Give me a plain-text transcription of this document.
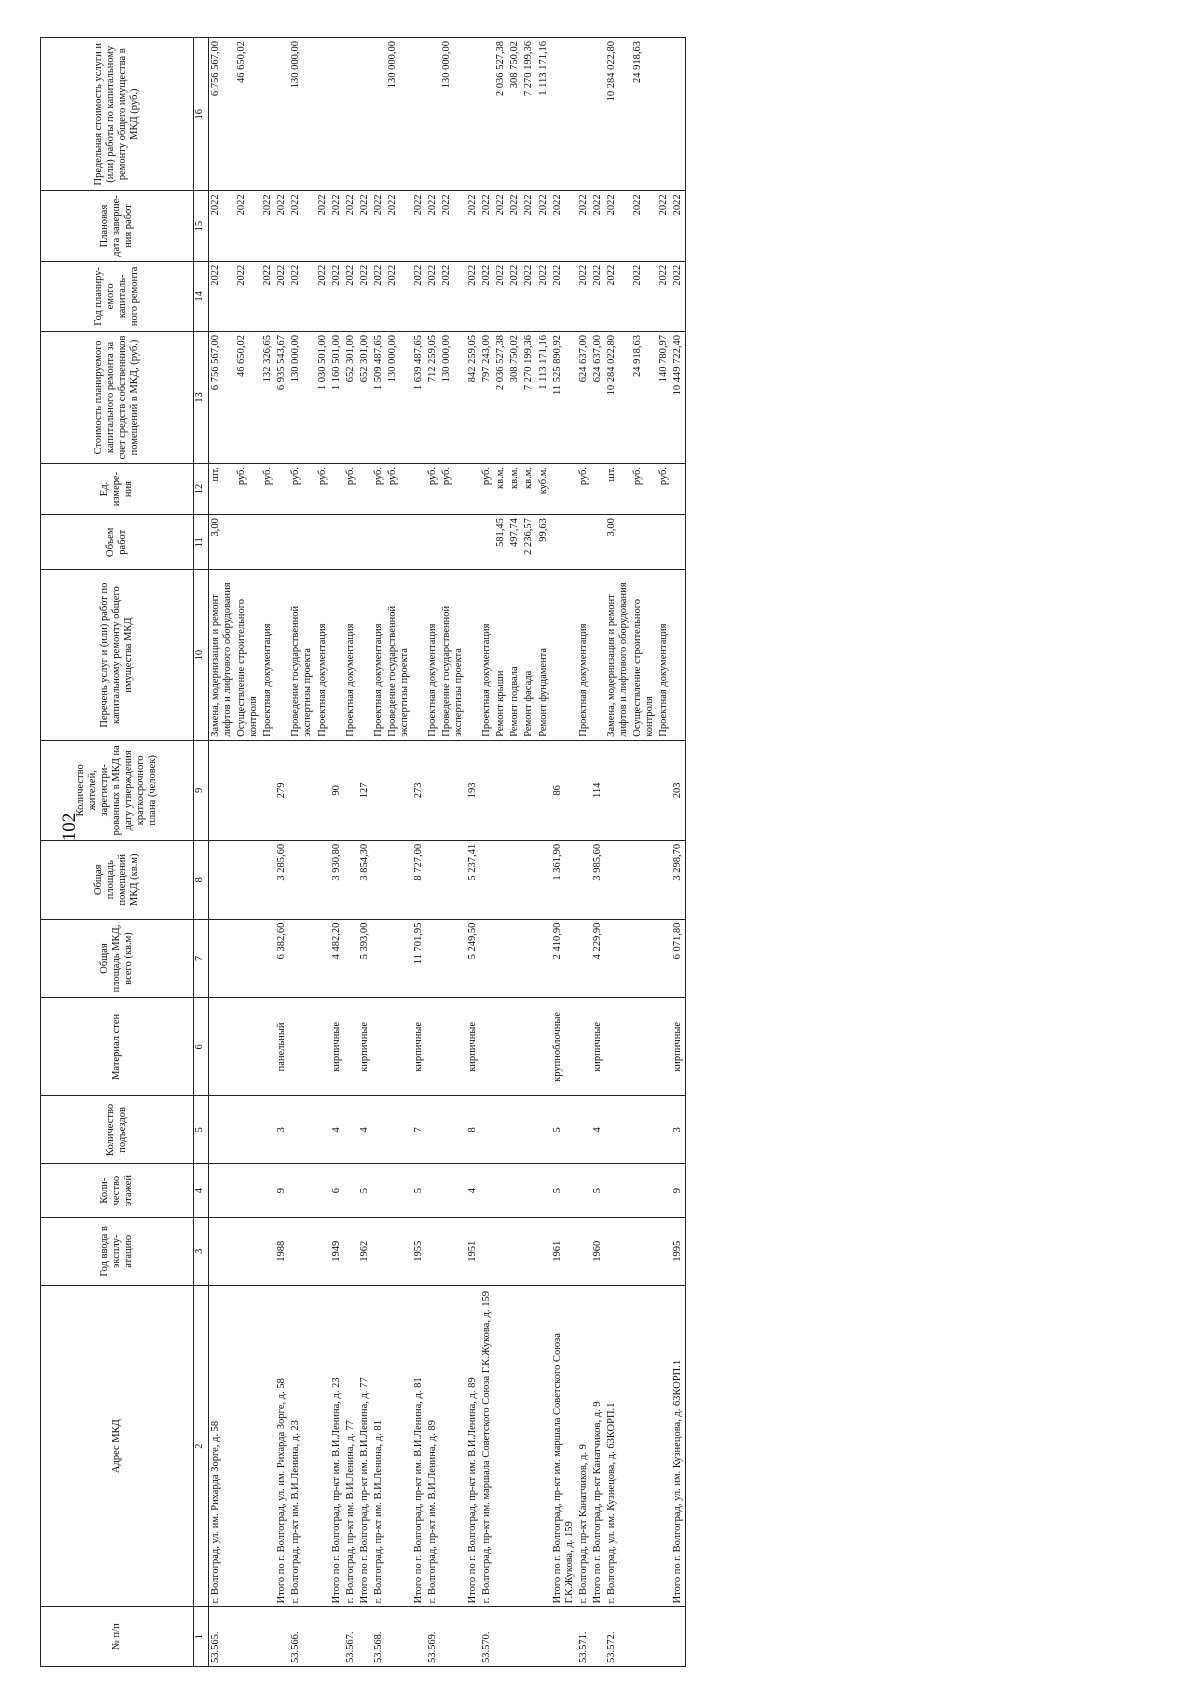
102
№ п/п	Адрес МКД	Год ввода в эксплу-атацию	Коли-чество этажей	Количество подъездов	Материал стен	Общая площадь МКД, всего (кв.м)	Общая площадь помещений МКД (кв.м)	Количество жителей, зарегистри-рованных в МКД на дату утверждения краткосрочного плана (человек)	Перечень услуг и (или) работ по капитальному ремонту общего имущества МКД	Объем работ	Ед. измере-ния	Стоимость планируемого капитального ремонта за счет средств собственников помещений в МКД, (руб.)	Год планиру-емого капиталь-ного ремонта	Плановая дата заверше-ния работ	Предельная стоимость услуги и (или) работы по капитальному ремонту общего имущества в МКД (руб.)
1	2	3	4	5	6	7	8	9	10	11	12	13	14	15	16
53.565.	г. Волгоград, ул. им. Рихарда Зорге, д. 58								Замена, модернизация и ремонт лифтов и лифтового оборудования	3,00	шт.	6 756 567,00	2022	2022	6 756 567,00
									Осуществление строительного контроля		руб.	46 650,02	2022	2022	46 650,02
									Проектная документация		руб.	132 326,65	2022	2022	
	Итого по г. Волгоград, ул. им. Рихарда Зорге, д. 58	1988	9	3	панельный	6 382,60	3 285,60	279				6 935 543,67	2022	2022	
53.566.	г. Волгоград, пр-кт им. В.И.Ленина, д. 23								Проведение государственной экспертизы проекта		руб.	130 000,00	2022	2022	130 000,00
									Проектная документация		руб.	1 030 501,00	2022	2022	
	Итого по г. Волгоград, пр-кт им. В.И.Ленина, д. 23	1949	6	4	кирпичные	4 482,20	3 930,80	90				1 160 501,00	2022	2022	
53.567.	г. Волгоград, пр-кт им. В.И.Ленина, д. 77								Проектная документация		руб.	652 301,00	2022	2022	
	Итого по г. Волгоград, пр-кт им. В.И.Ленина, д. 77	1962	5	4	кирпичные	5 393,00	3 854,30	127				652 301,00	2022	2022	
53.568.	г. Волгоград, пр-кт им. В.И.Ленина, д. 81								Проектная документация		руб.	1 509 487,65	2022	2022	
									Проведение государственной экспертизы проекта		руб.	130 000,00	2022	2022	130 000,00
	Итого по г. Волгоград, пр-кт им. В.И.Ленина, д. 81	1955	5	7	кирпичные	11 701,95	8 727,00	273				1 639 487,65	2022	2022	
53.569.	г. Волгоград, пр-кт им. В.И.Ленина, д. 89								Проектная документация		руб.	712 259,05	2022	2022	
									Проведение государственной экспертизы проекта		руб.	130 000,00	2022	2022	130 000,00
	Итого по г. Волгоград, пр-кт им. В.И.Ленина, д. 89	1951	4	8	кирпичные	5 249,50	5 237,41	193				842 259,05	2022	2022	
53.570.	г. Волгоград, пр-кт им. маршала Советского Союза Г.К.Жукова, д. 159								Проектная документация		руб.	797 243,00	2022	2022	
									Ремонт крыши	581,45	кв.м.	2 036 527,38	2022	2022	2 036 527,38
									Ремонт подвала	497,74	кв.м.	308 750,02	2022	2022	308 750,02
									Ремонт фасада	2 236,57	кв.м.	7 270 199,36	2022	2022	7 270 199,36
									Ремонт фундамента	99,63	куб.м.	1 113 171,16	2022	2022	1 113 171,16
	Итого по г. Волгоград, пр-кт им. маршала Советского Союза Г.К.Жукова, д. 159	1961	5	5	крупноблочные	2 410,90	1 361,90	86				11 525 890,92	2022	2022	
53.571.	г. Волгоград, пр-кт Канатчиков, д. 9								Проектная документация		руб.	624 637,00	2022	2022	
	Итого по г. Волгоград, пр-кт Канатчиков, д. 9	1960	5	4	кирпичные	4 229,90	3 985,60	114				624 637,00	2022	2022	
53.572.	г. Волгоград, ул. им. Кузнецова, д. 63КОРП.1								Замена, модернизация и ремонт лифтов и лифтового оборудования	3,00	шт.	10 284 022,80	2022	2022	10 284 022,80
									Осуществление строительного контроля		руб.	24 918,63	2022	2022	24 918,63
									Проектная документация		руб.	140 780,97	2022	2022	
	Итого по г. Волгоград, ул. им. Кузнецова, д. 63КОРП.1	1995	9	3	кирпичные	6 071,80	3 298,70	203				10 449 722,40	2022	2022	
